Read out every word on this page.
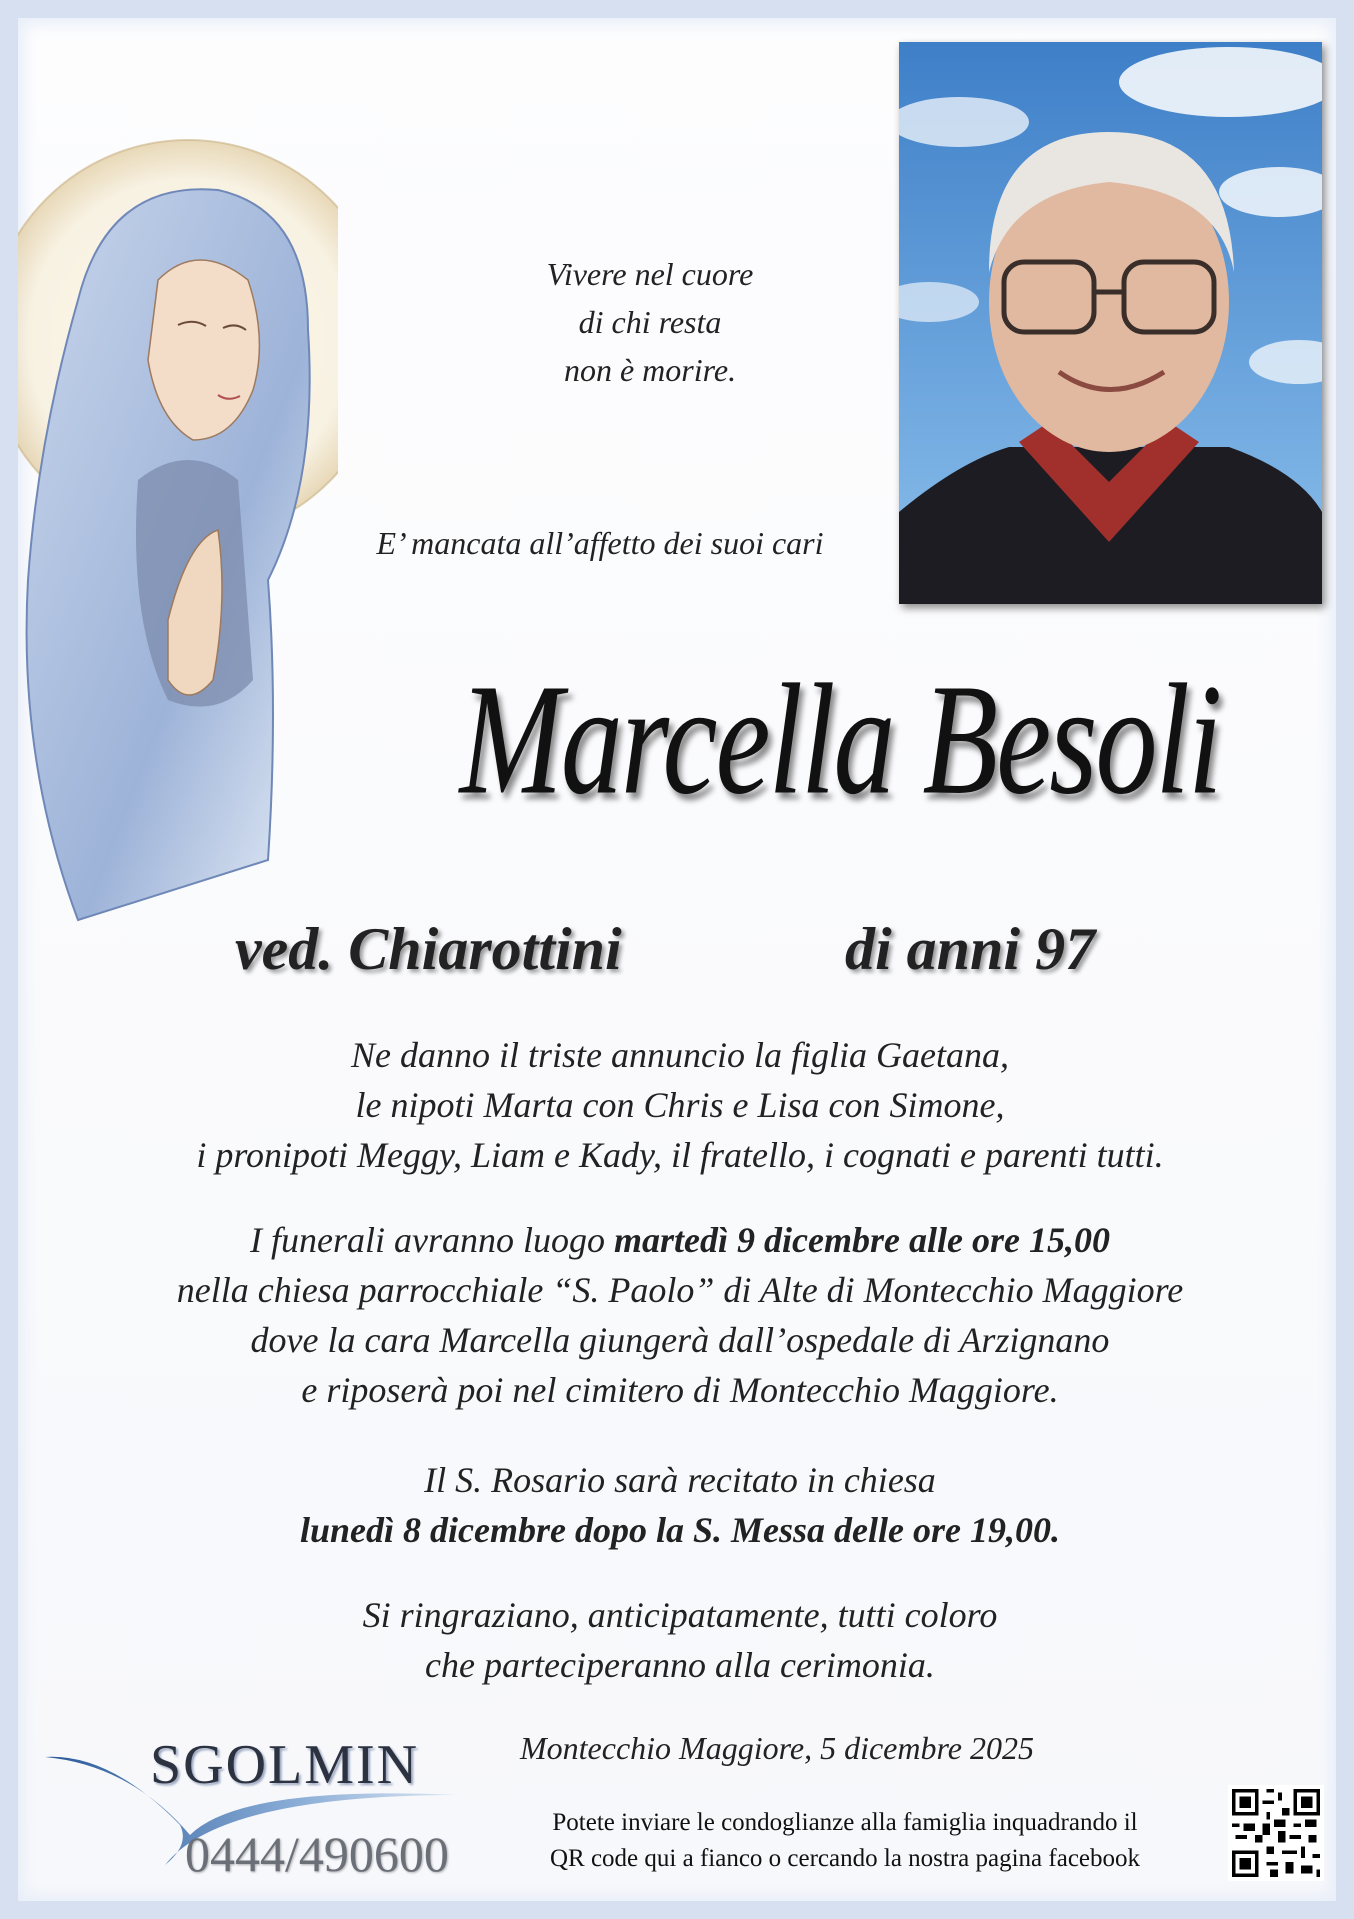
Vivere nel cuore
di chi resta
non è morire.
E’ mancata all’affetto dei suoi cari
Marcella Besoli
ved. Chiarottini	di anni 97
Ne danno il triste annuncio la figlia Gaetana,
le nipoti Marta con Chris e Lisa con Simone,
i pronipoti Meggy, Liam e Kady, il fratello, i cognati e parenti tutti.
I funerali avranno luogo martedì 9 dicembre alle ore 15,00
nella chiesa parrocchiale “S. Paolo” di Alte di Montecchio Maggiore
dove la cara Marcella giungerà dall’ospedale di Arzignano
e riposerà poi nel cimitero di Montecchio Maggiore.
Il S. Rosario sarà recitato in chiesa
lunedì 8 dicembre dopo la S. Messa delle ore 19,00.
Si ringraziano, anticipatamente, tutti coloro
che parteciperanno alla cerimonia.
Montecchio Maggiore, 5 dicembre 2025
SGOLMIN
0444/490600
Potete inviare le condoglianze alla famiglia inquadrando il
QR code qui a fianco o cercando la nostra pagina facebook
